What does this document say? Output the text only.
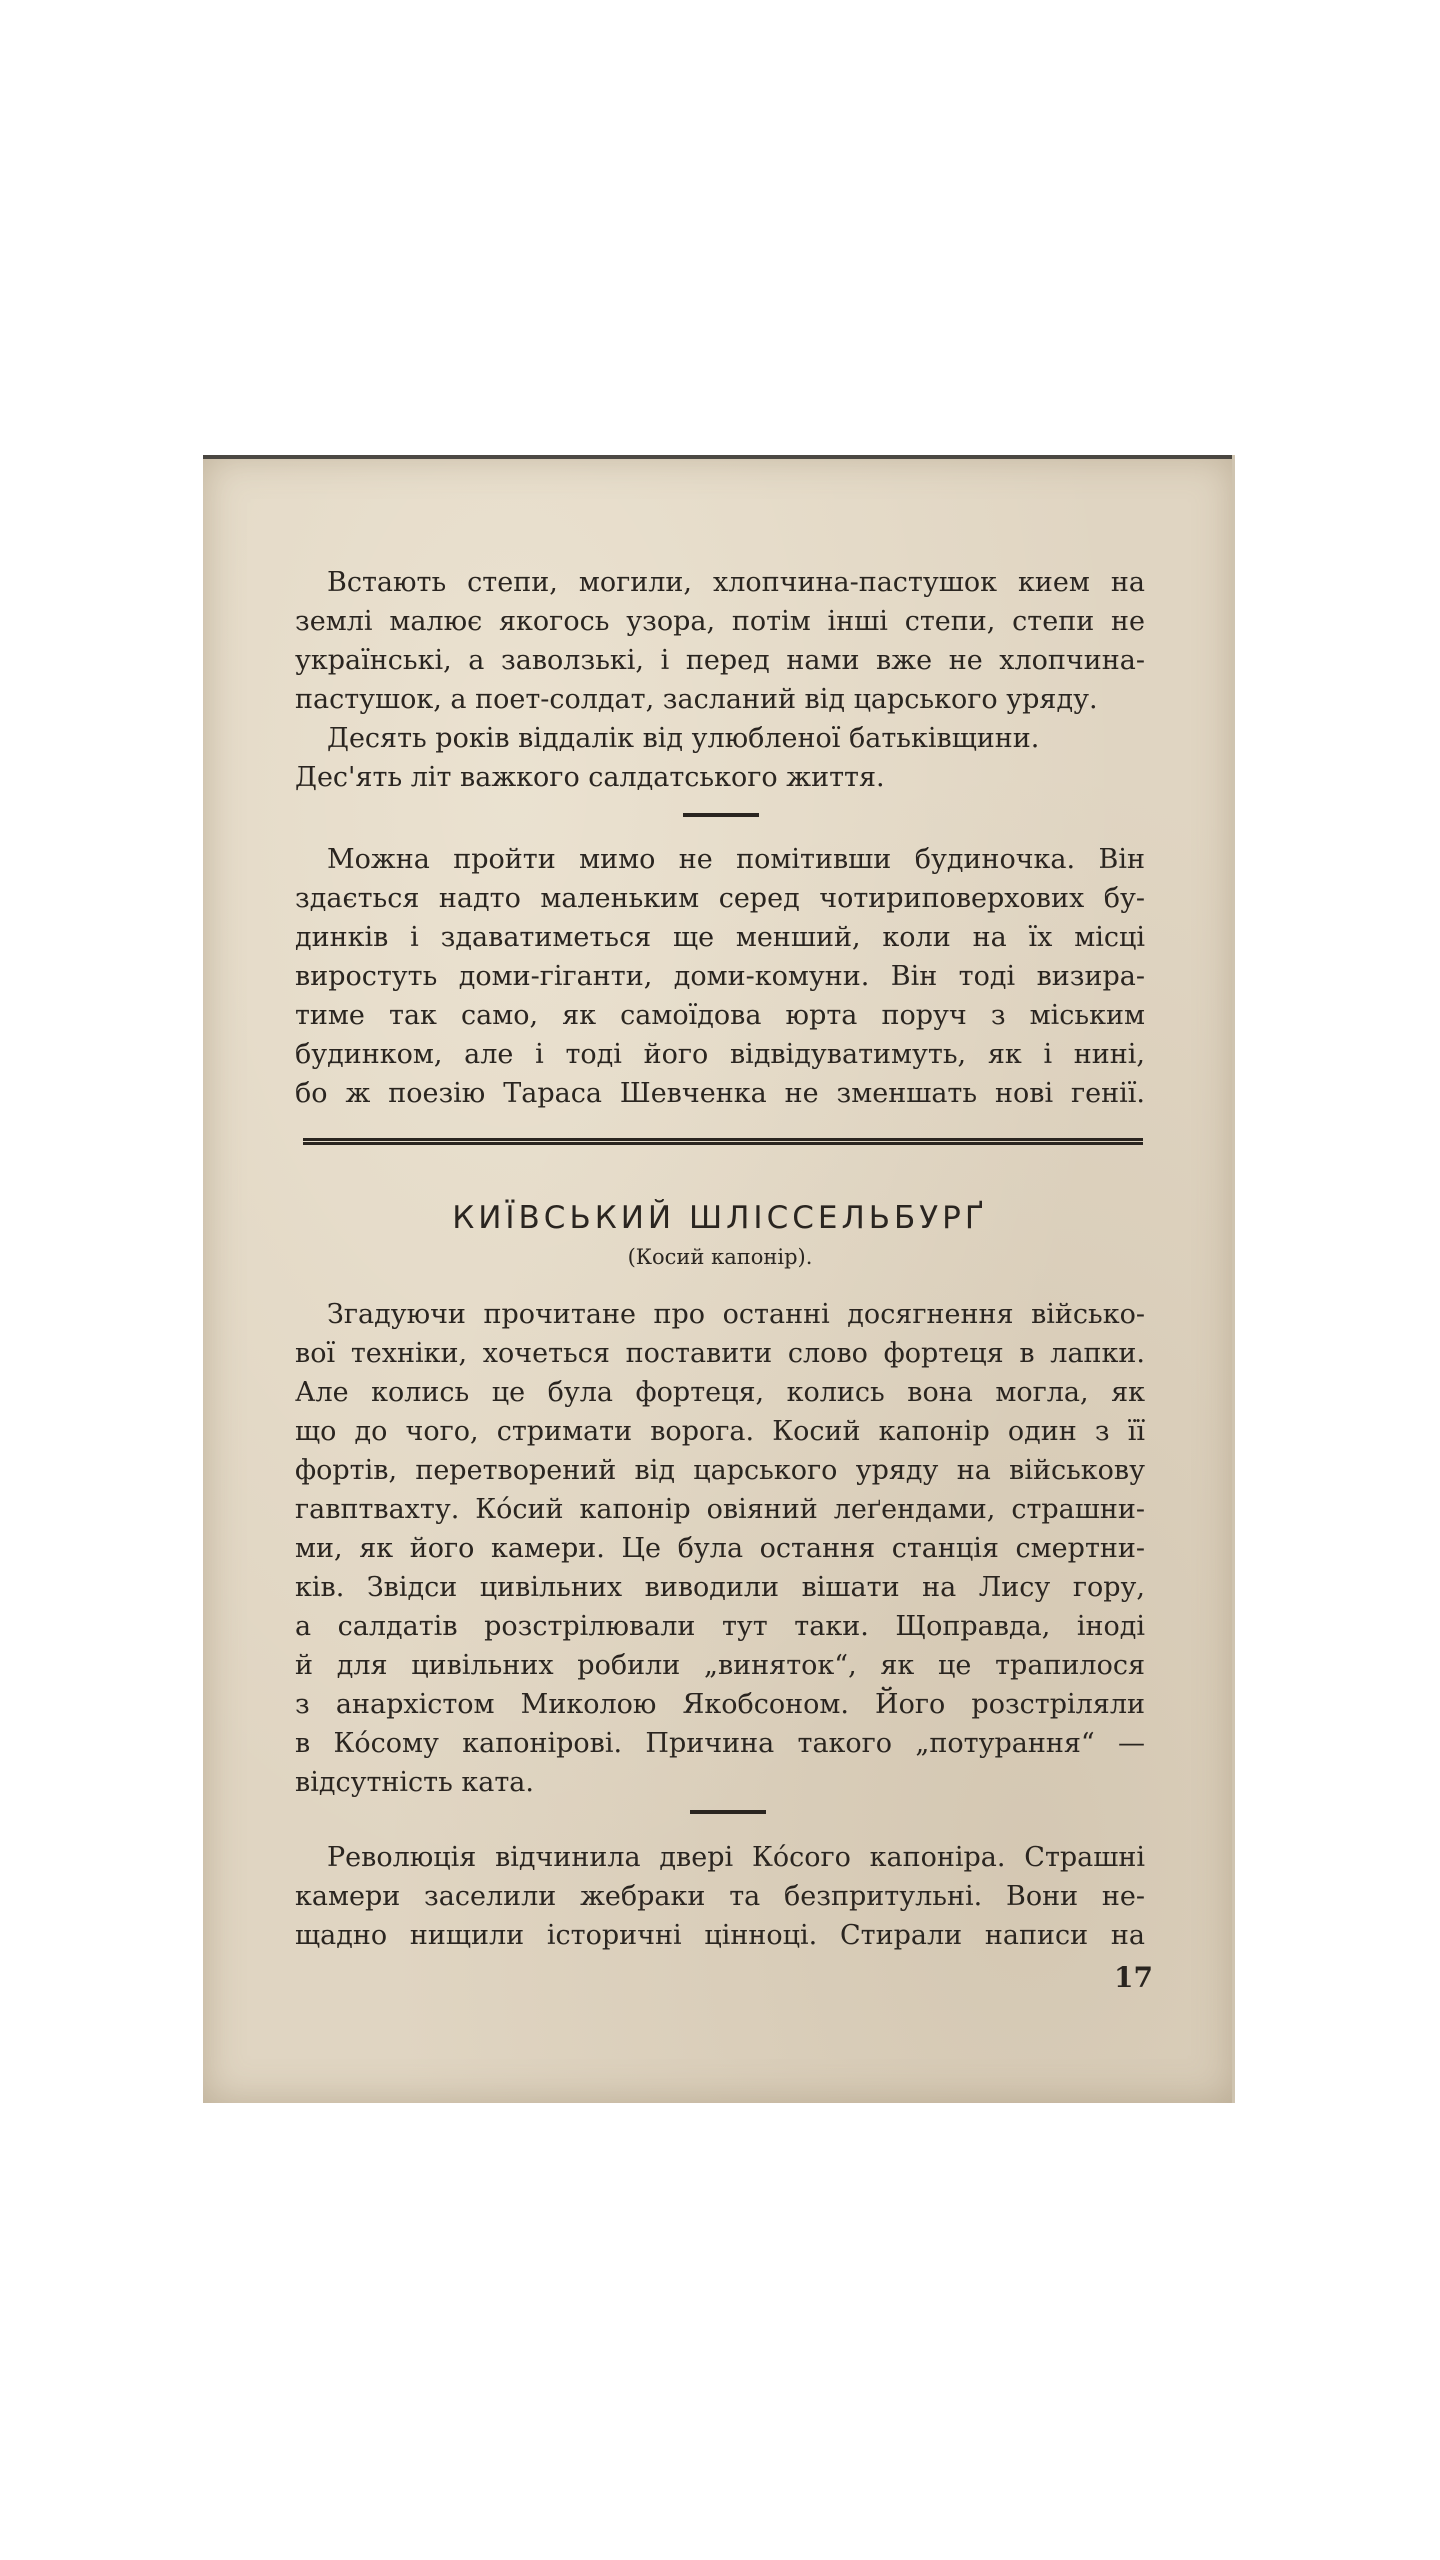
Встають степи, могили, хлопчина-пастушок кием на
землі малює якогось узора, потім інші степи, степи не
українські, а заволзькі, і перед нами вже не хлопчина-
пастушок, а поет-солдат, засланий від царського уряду.
Десять років віддалік від улюбленої батьківщини.
Дес'ять літ важкого салдатського життя.

Можна пройти мимо не помітивши будиночка. Він
здається надто маленьким серед чотириповерхових бу-
динків і здаватиметься ще менший, коли на їх місці
виростуть доми-гіганти, доми-комуни. Він тоді визира-
тиме так само, як самоїдова юрта поруч з міським
будинком, але і тоді його відвідуватимуть, як і нині,
бо ж поезію Тараса Шевченка не зменшать нові генії.

КИЇВСЬКИЙ ШЛІССЕЛЬБУРҐ
(Косий капонір).

Згадуючи прочитане про останні досягнення військо-
вої техніки, хочеться поставити слово фортеця в лапки.
Але колись це була фортеця, колись вона могла, як
що до чого, стримати ворога. Косий капонір один з її
фортів, перетворений від царського уряду на військову
гавптвахту. Кóсий капонір овіяний леґендами, страшни-
ми, як його камери. Це була остання станція смертни-
ків. Звідси цивільних виводили вішати на Лису гору,
а салдатів розстрілювали тут таки. Щоправда, іноді
й для цивільних робили „виняток“, як це трапилося
з анархістом Миколою Якобсоном. Його розстріляли
в Кóсому капонірові. Причина такого „потурання“ —
відсутність ката.

Революція відчинила двері Кóсого капоніра. Страшні
камери заселили жебраки та безпритульні. Вони не-
щадно нищили історичні цінноці. Стирали написи на

17
